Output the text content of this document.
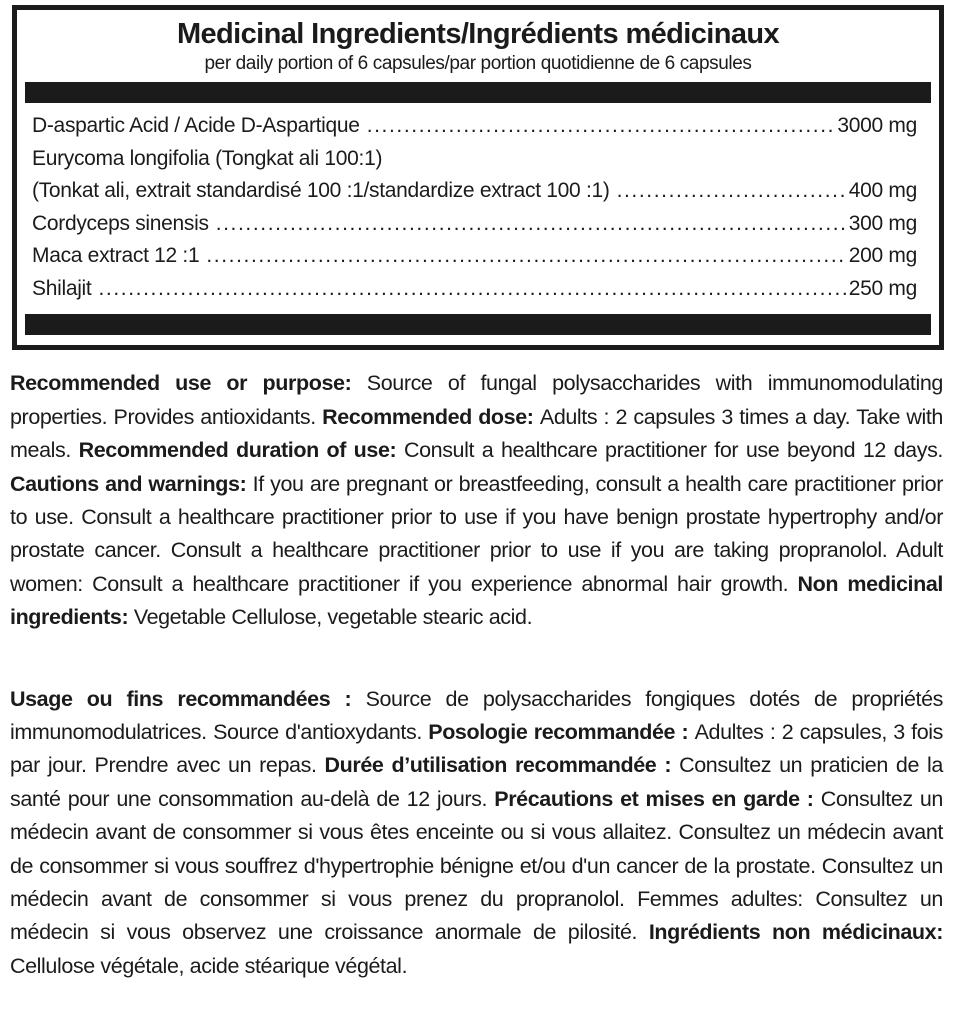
Medicinal Ingredients/Ingrédients médicinaux
per daily portion of 6 capsules/par portion quotidienne de 6 capsules
D-aspartic Acid / Acide D-Aspartique .....	3000 mg
Eurycoma longifolia (Tongkat ali 100:1)
(Tonkat ali, extrait standardisé 100 :1/standardize extract 100 :1) .....	400 mg
Cordyceps sinensis .....	300 mg
Maca extract 12 :1 .....	200 mg
Shilajit .....	250 mg

Recommended use or purpose: Source of fungal polysaccharides with immunomodulating properties. Provides antioxidants. Recommended dose: Adults : 2 capsules 3 times a day. Take with meals. Recommended duration of use: Consult a healthcare practitioner for use beyond 12 days. Cautions and warnings: If you are pregnant or breastfeeding, consult a health care practitioner prior to use. Consult a healthcare practitioner prior to use if you have benign prostate hypertrophy and/or prostate cancer. Consult a healthcare practitioner prior to use if you are taking propranolol. Adult women: Consult a healthcare practitioner if you experience abnormal hair growth. Non medicinal ingredients: Vegetable Cellulose, vegetable stearic acid.

Usage ou fins recommandées : Source de polysaccharides fongiques dotés de propriétés immunomodulatrices. Source d'antioxydants. Posologie recommandée : Adultes : 2 capsules, 3 fois par jour. Prendre avec un repas. Durée d’utilisation recommandée : Consultez un praticien de la santé pour une consommation au-delà de 12 jours. Précautions et mises en garde : Consultez un médecin avant de consommer si vous êtes enceinte ou si vous allaitez. Consultez un médecin avant de consommer si vous souffrez d'hypertrophie bénigne et/ou d'un cancer de la prostate. Consultez un médecin avant de consommer si vous prenez du propranolol. Femmes adultes: Consultez un médecin si vous observez une croissance anormale de pilosité. Ingrédients non médicinaux: Cellulose végétale, acide stéarique végétal.
